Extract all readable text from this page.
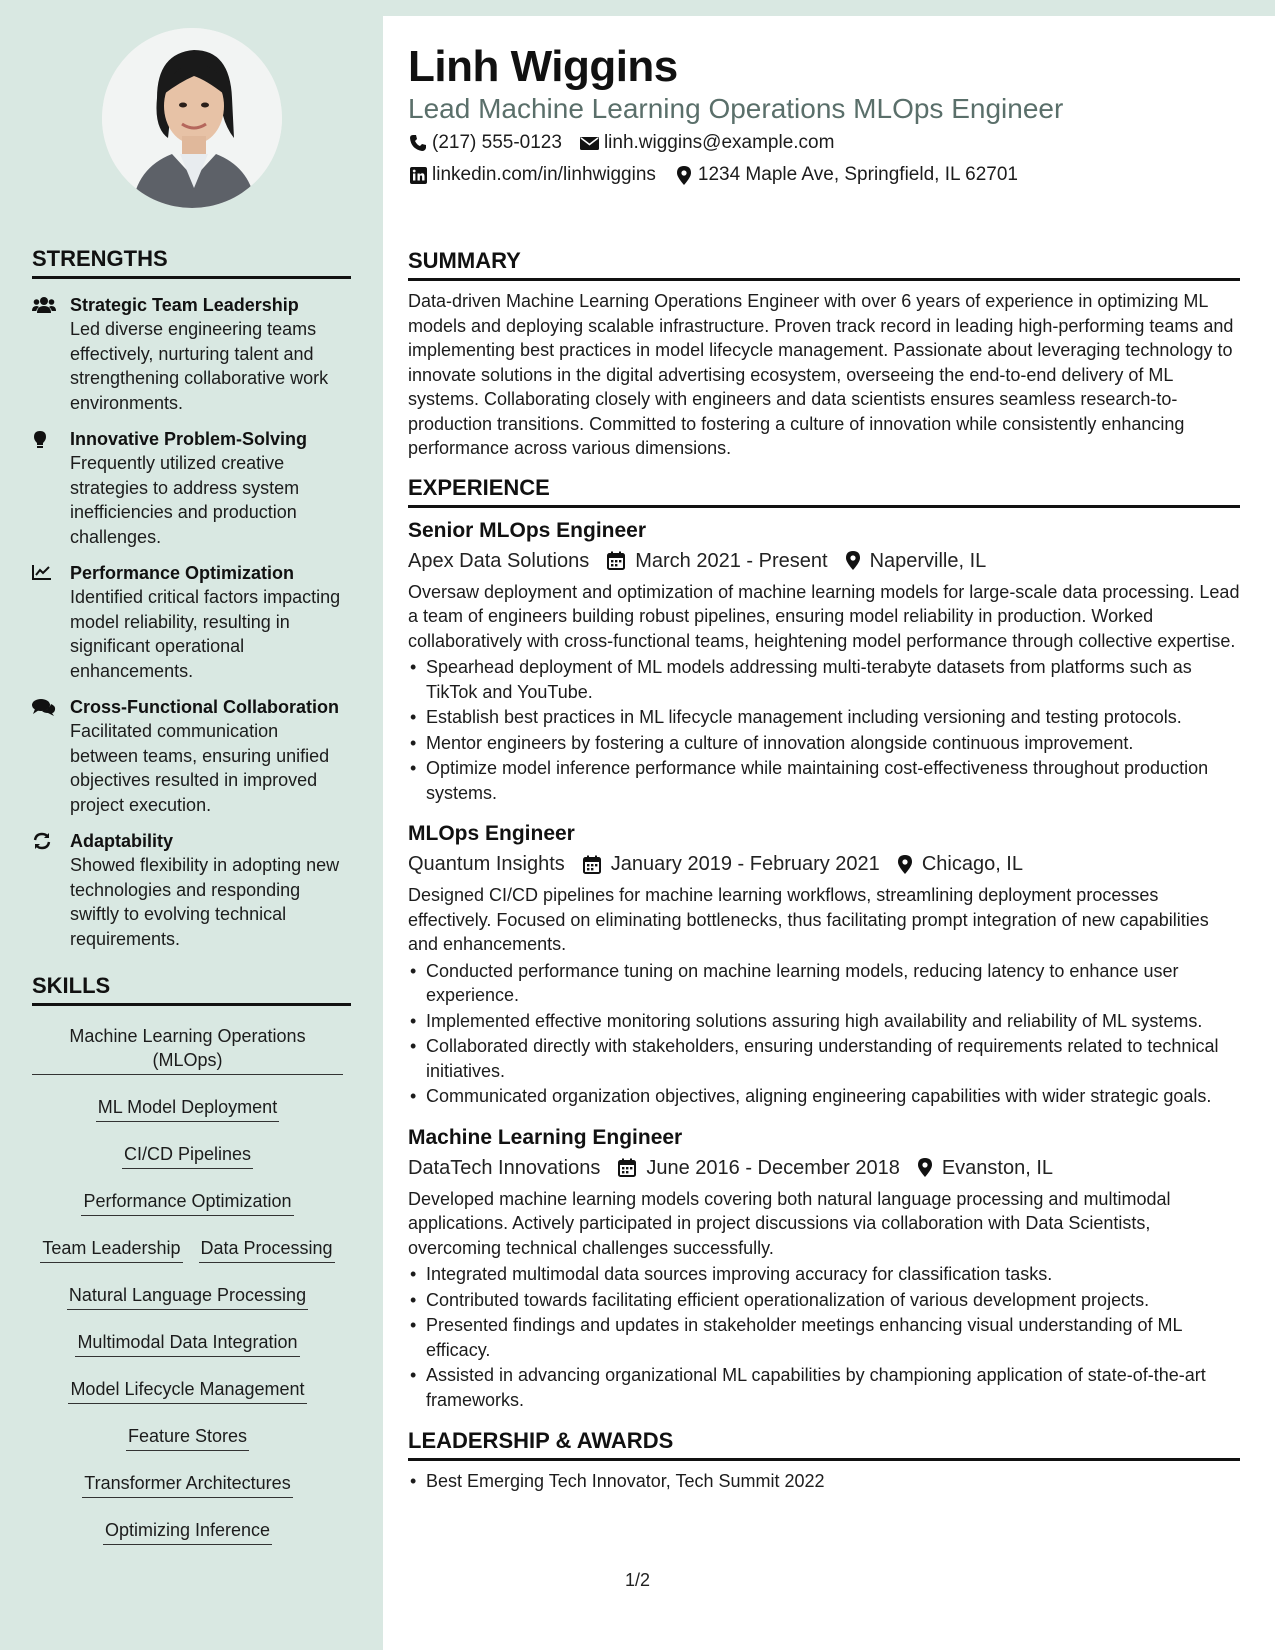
STRENGTHS
Strategic Team Leadership
Led diverse engineering teams effectively, nurturing talent and strengthening collaborative work environments.
Innovative Problem-Solving
Frequently utilized creative strategies to address system inefficiencies and production challenges.
Performance Optimization
Identified critical factors impacting model reliability, resulting in significant operational enhancements.
Cross-Functional Collaboration
Facilitated communication between teams, ensuring unified objectives resulted in improved project execution.
Adaptability
Showed flexibility in adopting new technologies and responding swiftly to evolving technical requirements.
SKILLS
Machine Learning Operations (MLOps)
ML Model Deployment
CI/CD Pipelines
Performance Optimization
Team Leadership Data Processing
Natural Language Processing
Multimodal Data Integration
Model Lifecycle Management
Feature Stores
Transformer Architectures
Optimizing Inference
Linh Wiggins
Lead Machine Learning Operations MLOps Engineer
(217) 555-0123 linh.wiggins@example.com
linkedin.com/in/linhwiggins 1234 Maple Ave, Springfield, IL 62701
SUMMARY
Data-driven Machine Learning Operations Engineer with over 6 years of experience in optimizing ML models and deploying scalable infrastructure. Proven track record in leading high-performing teams and implementing best practices in model lifecycle management. Passionate about leveraging technology to innovate solutions in the digital advertising ecosystem, overseeing the end-to-end delivery of ML systems. Collaborating closely with engineers and data scientists ensures seamless research-to-production transitions. Committed to fostering a culture of innovation while consistently enhancing performance across various dimensions.
EXPERIENCE
Senior MLOps Engineer
Apex Data Solutions March 2021 - Present Naperville, IL
Oversaw deployment and optimization of machine learning models for large-scale data processing. Lead a team of engineers building robust pipelines, ensuring model reliability in production. Worked collaboratively with cross-functional teams, heightening model performance through collective expertise.
• Spearhead deployment of ML models addressing multi-terabyte datasets from platforms such as TikTok and YouTube.
• Establish best practices in ML lifecycle management including versioning and testing protocols.
• Mentor engineers by fostering a culture of innovation alongside continuous improvement.
• Optimize model inference performance while maintaining cost-effectiveness throughout production systems.
MLOps Engineer
Quantum Insights January 2019 - February 2021 Chicago, IL
Designed CI/CD pipelines for machine learning workflows, streamlining deployment processes effectively. Focused on eliminating bottlenecks, thus facilitating prompt integration of new capabilities and enhancements.
• Conducted performance tuning on machine learning models, reducing latency to enhance user experience.
• Implemented effective monitoring solutions assuring high availability and reliability of ML systems.
• Collaborated directly with stakeholders, ensuring understanding of requirements related to technical initiatives.
• Communicated organization objectives, aligning engineering capabilities with wider strategic goals.
Machine Learning Engineer
DataTech Innovations June 2016 - December 2018 Evanston, IL
Developed machine learning models covering both natural language processing and multimodal applications. Actively participated in project discussions via collaboration with Data Scientists, overcoming technical challenges successfully.
• Integrated multimodal data sources improving accuracy for classification tasks.
• Contributed towards facilitating efficient operationalization of various development projects.
• Presented findings and updates in stakeholder meetings enhancing visual understanding of ML efficacy.
• Assisted in advancing organizational ML capabilities by championing application of state-of-the-art frameworks.
LEADERSHIP & AWARDS
• Best Emerging Tech Innovator, Tech Summit 2022
1/2
